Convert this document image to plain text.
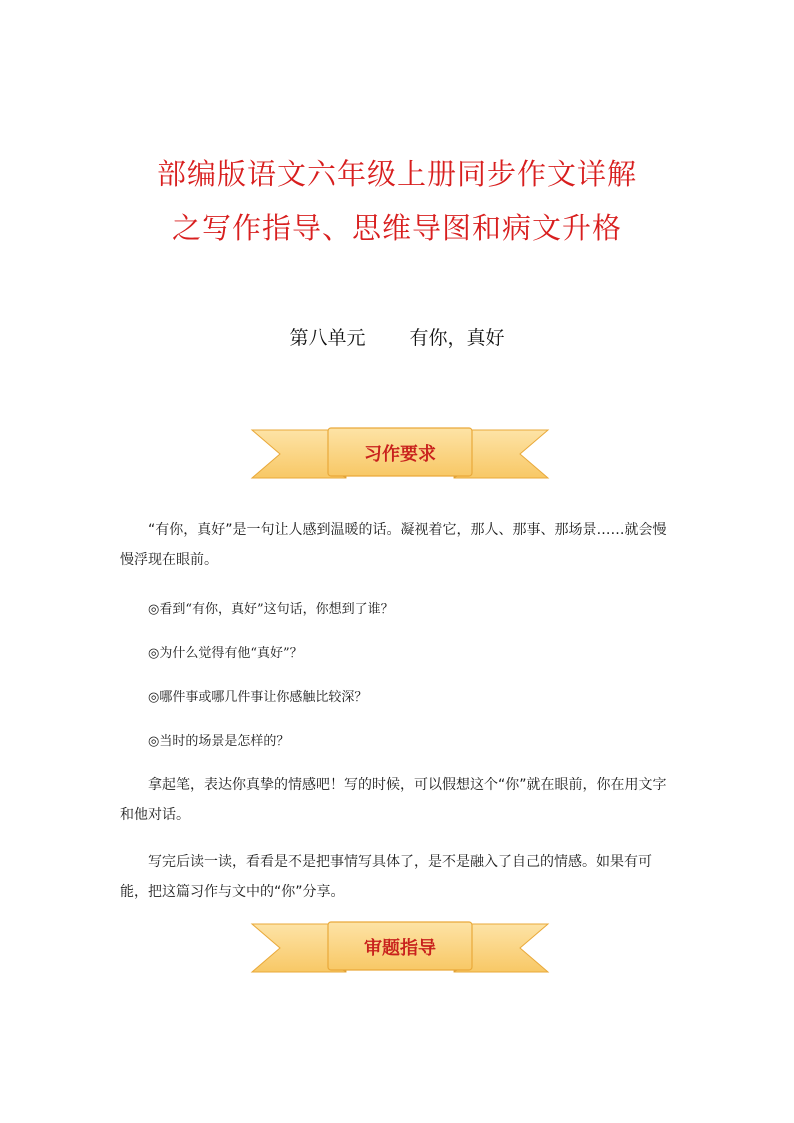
部编版语文六年级上册同步作文详解
之写作指导、思维导图和病文升格
第八单元 有你，真好
习作要求

“有你，真好”是一句让人感到温暖的话。凝视着它，那人、那事、那场景……就会慢慢浮现在眼前。

◎看到“有你，真好”这句话，你想到了谁？
◎为什么觉得有他“真好”？
◎哪件事或哪几件事让你感触比较深？
◎当时的场景是怎样的？

拿起笔，表达你真挚的情感吧！写的时候，可以假想这个“你”就在眼前，你在用文字和他对话。

写完后读一读，看看是不是把事情写具体了，是不是融入了自己的情感。如果有可能，把这篇习作与文中的“你”分享。

审题指导
